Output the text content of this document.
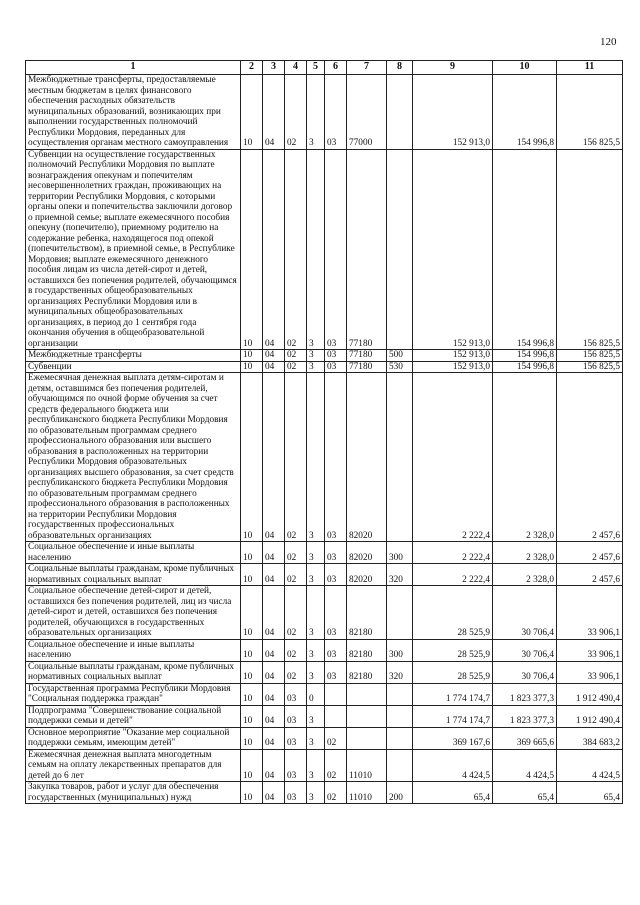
120
1	2	3	4	5	6	7	8	9	10	11
Межбюджетные трансферты, предоставляемые местным бюджетам в целях финансового обеспечения расходных обязательств муниципальных образований, возникающих при выполнении государственных полномочий Республики Мордовия, переданных для осуществления органам местного самоуправления	10	04	02	3	03	77000		152 913,0	154 996,8	156 825,5
Субвенции на осуществление государственных полномочий Республики Мордовия по выплате вознаграждения опекунам и попечителям несовершеннолетних граждан, проживающих на территории Республики Мордовия, с которыми органы опеки и попечительства заключили договор о приемной семье; выплате ежемесячного пособия опекуну (попечителю), приемному родителю на содержание ребенка, находящегося под опекой (попечительством), в приемной семье, в Республике Мордовия; выплате ежемесячного денежного пособия лицам из числа детей-сирот и детей, оставшихся без попечения родителей, обучающимся в государственных общеобразовательных организациях Республики Мордовия или в муниципальных общеобразовательных организациях, в период до 1 сентября года окончания обучения в общеобразовательной организации	10	04	02	3	03	77180		152 913,0	154 996,8	156 825,5
Межбюджетные трансферты	10	04	02	3	03	77180	500	152 913,0	154 996,8	156 825,5
Субвенции	10	04	02	3	03	77180	530	152 913,0	154 996,8	156 825,5
Ежемесячная денежная выплата детям-сиротам и детям, оставшимся без попечения родителей, обучающимся по очной форме обучения за счет средств федерального бюджета или республиканского бюджета Республики Мордовия по образовательным программам среднего профессионального образования или высшего образования в расположенных на территории Республики Мордовия образовательных организациях высшего образования, за счет средств республиканского бюджета Республики Мордовия по образовательным программам среднего профессионального образования в расположенных на территории Республики Мордовия государственных профессиональных образовательных организациях	10	04	02	3	03	82020		2 222,4	2 328,0	2 457,6
Социальное обеспечение и иные выплаты населению	10	04	02	3	03	82020	300	2 222,4	2 328,0	2 457,6
Социальные выплаты гражданам, кроме публичных нормативных социальных выплат	10	04	02	3	03	82020	320	2 222,4	2 328,0	2 457,6
Социальное обеспечение детей-сирот и детей, оставшихся без попечения родителей, лиц из числа детей-сирот и детей, оставшихся без попечения родителей, обучающихся в государственных образовательных организациях	10	04	02	3	03	82180		28 525,9	30 706,4	33 906,1
Социальное обеспечение и иные выплаты населению	10	04	02	3	03	82180	300	28 525,9	30 706,4	33 906,1
Социальные выплаты гражданам, кроме публичных нормативных социальных выплат	10	04	02	3	03	82180	320	28 525,9	30 706,4	33 906,1
Государственная программа Республики Мордовия "Социальная поддержка граждан"	10	04	03	0				1 774 174,7	1 823 377,3	1 912 490,4
Подпрограмма "Совершенствование социальной поддержки семьи и детей"	10	04	03	3				1 774 174,7	1 823 377,3	1 912 490,4
Основное мероприятие "Оказание мер социальной поддержки семьям, имеющим детей"	10	04	03	3	02			369 167,6	369 665,6	384 683,2
Ежемесячная денежная выплата многодетным семьям на оплату лекарственных препаратов для детей до 6 лет	10	04	03	3	02	11010		4 424,5	4 424,5	4 424,5
Закупка товаров, работ и услуг для обеспечения государственных (муниципальных) нужд	10	04	03	3	02	11010	200	65,4	65,4	65,4
